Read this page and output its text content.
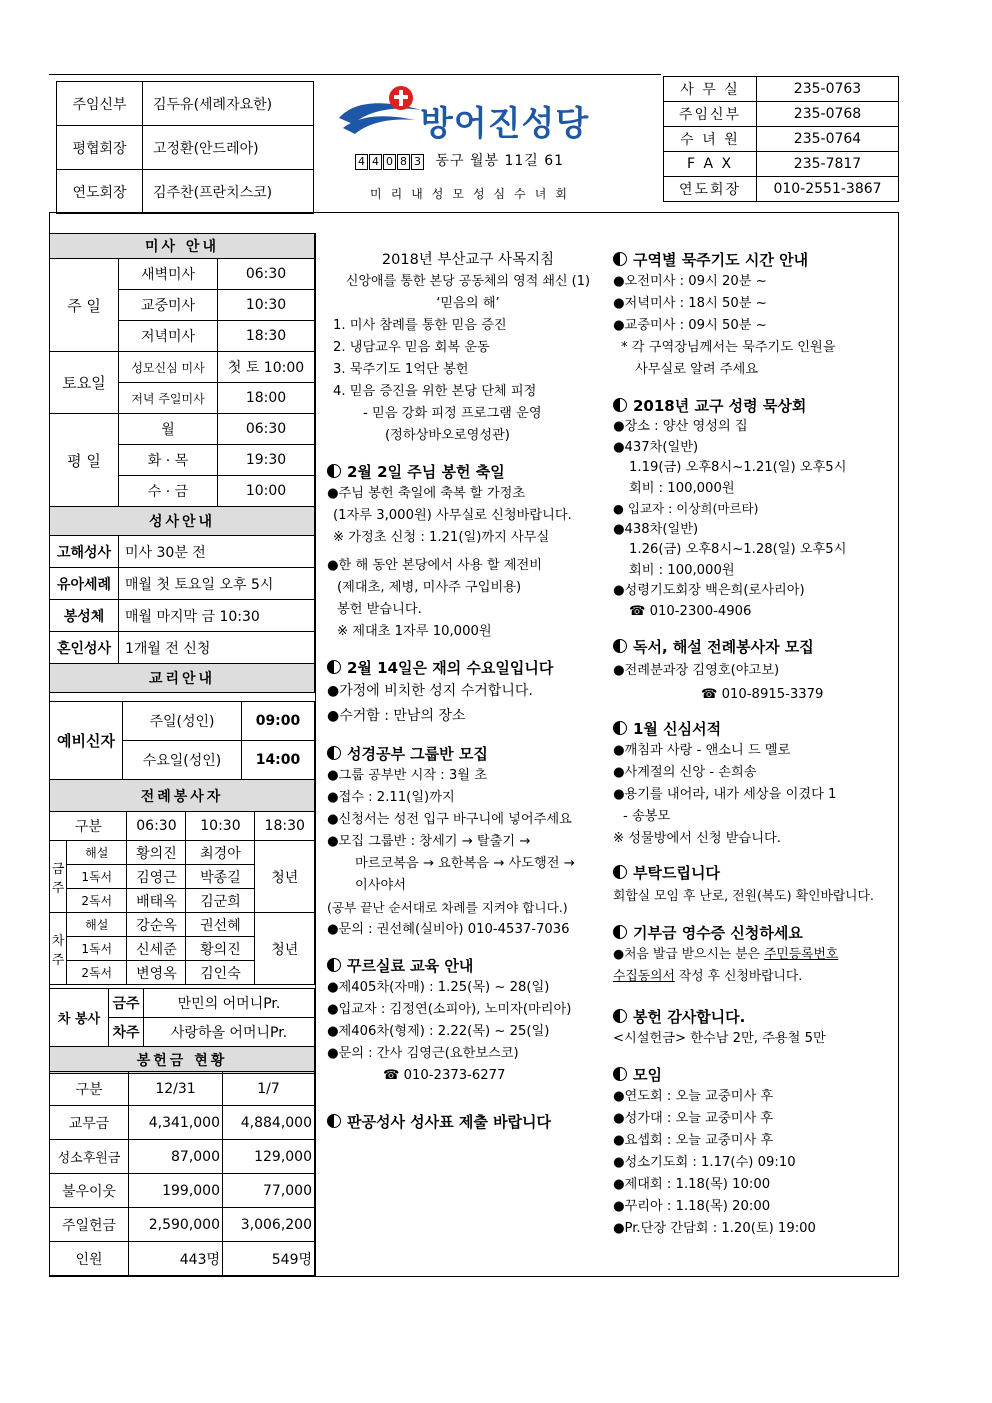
주임신부	김두유(세례자요한)
평협회장	고정환(안드레아)
연도회장	김주찬(프란치스코)
방어진성당
4 4 0 8 3 동구 월봉 11길 61
미리내성모성심수녀회
사 무 실	235-0763
주임신부	235-0768
수 녀 원	235-0764
F A X	235-7817
연도회장	010-2551-3867
미사 안내		
주 일	새벽미사	06:30
	교중미사	10:30
	저녁미사	18:30
토요일	성모신심 미사	첫 토 10:00
	저녁 주일미사	18:00
평 일	월	06:30
	화 · 목	19:30
	수 · 금	10:00
성사안내		
고해성사	미사 30분 전	
유아세례	매월 첫 토요일 오후 5시	
봉성체	매월 마지막 금 10:30	
혼인성사	1개월 전 신청	
교리안내		
예비신자	주일(성인)	09:00
	수요일(성인)	14:00
전례봉사자		
구분		06:30	10:30	18:30
금주	해설	황의진	최경아	청년
	1독서	김영근	박종길	
	2독서	배태옥	김군희	
차주	해설	강순옥	권선혜	청년
	1독서	신세준	황의진	
	2독서	변영옥	김인숙	
차 봉사	금주	만민의 어머니Pr.
	차주	사랑하올 어머니Pr.
봉헌금 현황		
구분	12/31	1/7
교무금	4,341,000	4,884,000
성소후원금	87,000	129,000
불우이웃	199,000	77,000
주일헌금	2,590,000	3,006,200
인원	443명	549명

2018년 부산교구 사목지침

신앙애를 통한 본당 공동체의 영적 쇄신 (1)

‘믿음의 해’

1. 미사 참례를 통한 믿음 증진

2. 냉담교우 믿음 회복 운동

3. 묵주기도 1억단 봉헌

4. 믿음 증진을 위한 본당 단체 피정

- 믿음 강화 피정 프로그램 운영

(정하상바오로영성관)

2월 2일 주님 봉헌 축일

●주님 봉헌 축일에 축복 할 가정초

(1자루 3,000원) 사무실로 신청바랍니다.

※ 가정초 신청 : 1.21(일)까지 사무실

●한 해 동안 본당에서 사용 할 제전비

(제대초, 제병, 미사주 구입비용)

봉헌 받습니다.

※ 제대초 1자루 10,000원

2월 14일은 재의 수요일입니다

●가정에 비치한 성지 수거합니다.

●수거함 : 만남의 장소

성경공부 그룹반 모집

●그룹 공부반 시작 : 3월 초

●접수 : 2.11(일)까지

●신청서는 성전 입구 바구니에 넣어주세요

●모집 그룹반 : 창세기 → 탈출기 →

마르코복음 → 요한복음 → 사도행전 →

이사야서

(공부 끝난 순서대로 차례를 지켜야 합니다.)

●문의 : 권선혜(실비아) 010-4537-7036

꾸르실료 교육 안내

●제405차(자매) : 1.25(목) ~ 28(일)

●입교자 : 김정연(소피아), 노미자(마리아)

●제406차(형제) : 2.22(목) ~ 25(일)

●문의 : 간사 김영근(요한보스코)

☎ 010-2373-6277

판공성사 성사표 제출 바랍니다

구역별 묵주기도 시간 안내

●오전미사 : 09시 20분 ~

●저녁미사 : 18시 50분 ~

●교중미사 : 09시 50분 ~

* 각 구역장님께서는 묵주기도 인원을

사무실로 알려 주세요

2018년 교구 성령 묵상회

●장소 : 양산 영성의 집

●437차(일반)

1.19(금) 오후8시~1.21(일) 오후5시

회비 : 100,000원

● 입교자 : 이상희(마르타)

●438차(일반)

1.26(금) 오후8시~1.28(일) 오후5시

회비 : 100,000원

●성령기도회장 백은희(로사리아)

☎ 010-2300-4906

독서, 해설 전례봉사자 모집

●전례분과장 김영호(야고보)

☎ 010-8915-3379

1월 신심서적

●깨침과 사랑 - 앤소니 드 멜로

●사계절의 신앙 - 손희송

●용기를 내어라, 내가 세상을 이겼다 1

- 송봉모

※ 성물방에서 신청 받습니다.

부탁드립니다

회합실 모임 후 난로, 전원(복도) 확인바랍니다.

기부금 영수증 신청하세요

●처음 발급 받으시는 분은 주민등록번호

수집동의서 작성 후 신청바랍니다.

봉헌 감사합니다.

<시설헌금> 한수남 2만, 주용철 5만

모임

●연도회 : 오늘 교중미사 후

●성가대 : 오늘 교중미사 후

●요셉회 : 오늘 교중미사 후

●성소기도회 : 1.17(수) 09:10

●제대회 : 1.18(목) 10:00

●꾸리아 : 1.18(목) 20:00

●Pr.단장 간담회 : 1.20(토) 19:00
